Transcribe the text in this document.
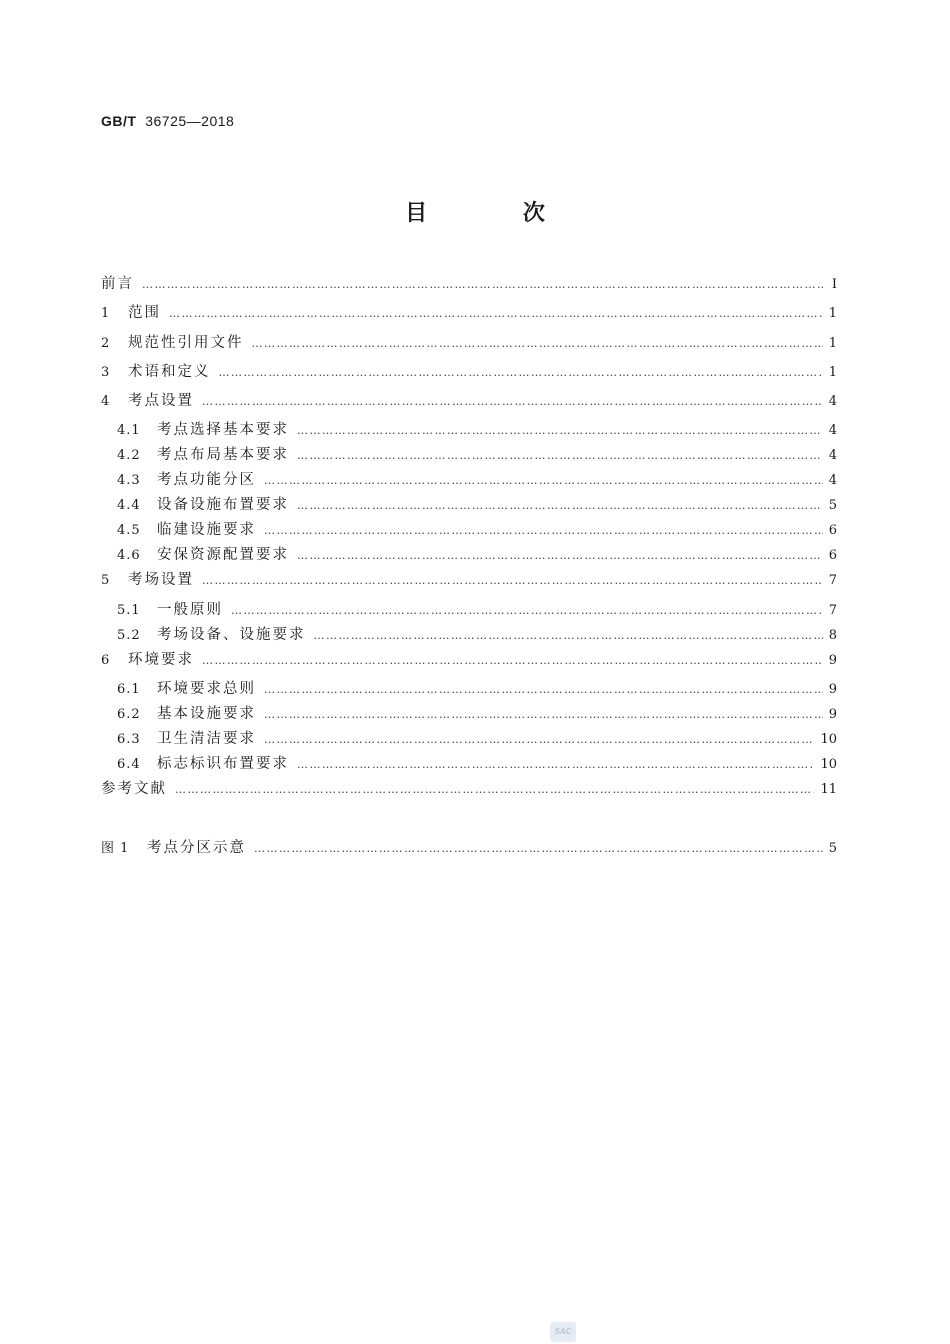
GB/T 36725—2018
目 次
前言 …………………………………………………………………………………………………………………………………………………………………………………………	Ⅰ
1	范围 …………………………………………………………………………………………………………………………………………………………………………………………	1
2	规范性引用文件 …………………………………………………………………………………………………………………………………………………………………………………………	1
3	术语和定义 …………………………………………………………………………………………………………………………………………………………………………………………	1
4	考点设置 …………………………………………………………………………………………………………………………………………………………………………………………	4
4.1	考点选择基本要求 …………………………………………………………………………………………………………………………………………………………………………………………	4
4.2	考点布局基本要求 …………………………………………………………………………………………………………………………………………………………………………………………	4
4.3	考点功能分区 …………………………………………………………………………………………………………………………………………………………………………………………	4
4.4	设备设施布置要求 …………………………………………………………………………………………………………………………………………………………………………………………	5
4.5	临建设施要求 …………………………………………………………………………………………………………………………………………………………………………………………	6
4.6	安保资源配置要求 …………………………………………………………………………………………………………………………………………………………………………………………	6
5	考场设置 …………………………………………………………………………………………………………………………………………………………………………………………	7
5.1	一般原则 …………………………………………………………………………………………………………………………………………………………………………………………	7
5.2	考场设备、设施要求 …………………………………………………………………………………………………………………………………………………………………………………………	8
6	环境要求 …………………………………………………………………………………………………………………………………………………………………………………………	9
6.1	环境要求总则 …………………………………………………………………………………………………………………………………………………………………………………………	9
6.2	基本设施要求 …………………………………………………………………………………………………………………………………………………………………………………………	9
6.3	卫生清洁要求 …………………………………………………………………………………………………………………………………………………………………………………………	10
6.4	标志标识布置要求 …………………………………………………………………………………………………………………………………………………………………………………………	10
参考文献 …………………………………………………………………………………………………………………………………………………………………………………………	11
图 1	考点分区示意 …………………………………………………………………………………………………………………………………………………………………………………………	5
SAC
